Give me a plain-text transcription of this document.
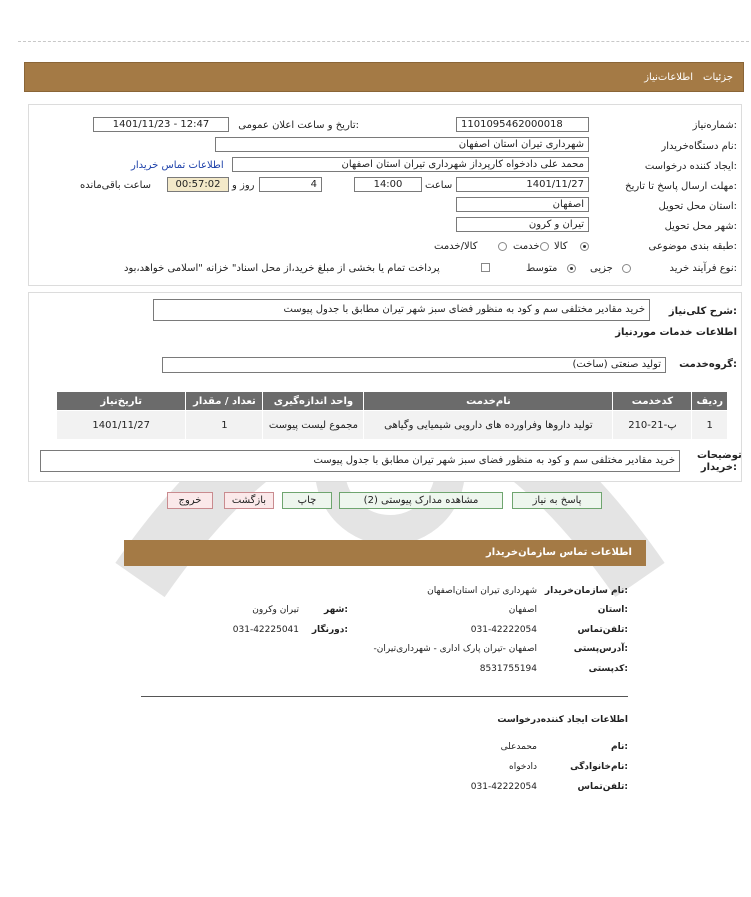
جزئیات
اطلاعات‌نیاز
شماره‌نیاز:
1101095462000018
تاریخ و ساعت اعلان عمومی:
1401/11/23 - 12:47
نام دستگاه‌خریدار:
شهرداری تیران استان اصفهان
ایجاد کننده درخواست:
محمد علی دادخواه کارپرداز شهرداری تیران استان اصفهان
اطلاعات تماس خریدار
مهلت ارسال پاسخ تا تاریخ:
1401/11/27
ساعت
14:00
4
روز و
00:57:02
ساعت باقی‌مانده
استان محل تحویل:
اصفهان
شهر محل تحویل:
تیران و کرون
طبقه بندی موضوعی:
کالا
خدمت
کالا/خدمت
نوع فرآیند خرید:
جزیی
متوسط
پرداخت تمام یا بخشی از مبلغ خرید،از محل اسناد" خزانه "اسلامی خواهد،بود
شرح کلی‌نیاز:
خرید مقادیر مختلفی سم و کود به منظور فضای سبز شهر تیران مطابق با جدول پیوست
اطلاعات خدمات موردنیاز
گروه‌خدمت:
تولید صنعتی (ساخت)
ردیف	کدخدمت	نام‌خدمت	واحد اندازه‌گیری	تعداد / مقدار	تاریخ‌نیاز
1	پ-21-210	تولید داروها وفراورده های دارویی شیمیایی وگیاهی	مجموع لیست پیوست	1	1401/11/27
توضیحات خریدار:
خرید مقادیر مختلفی سم و کود به منظور فضای سبز شهر تیران مطابق با جدول پیوست
پاسخ به نیاز
مشاهده مدارک پیوستی (2)
چاپ
بازگشت
خروج
اطلاعات تماس سازمان‌خریدار
نام سازمان‌خریدار:
شهرداری تیران استان‌اصفهان
استان:
اصفهان
شهر:
تیران وکرون
تلفن‌تماس:
031-42222054
دورنگار:
031-42225041
آدرس‌پستی:
-اصفهان -تیران پارک اداری - شهرداری‌تیران
کدپستی:
8531755194
اطلاعات ایجاد کننده‌درخواست
نام:
محمدعلی
نام‌خانوادگی:
دادخواه
تلفن‌تماس:
031-42222054
